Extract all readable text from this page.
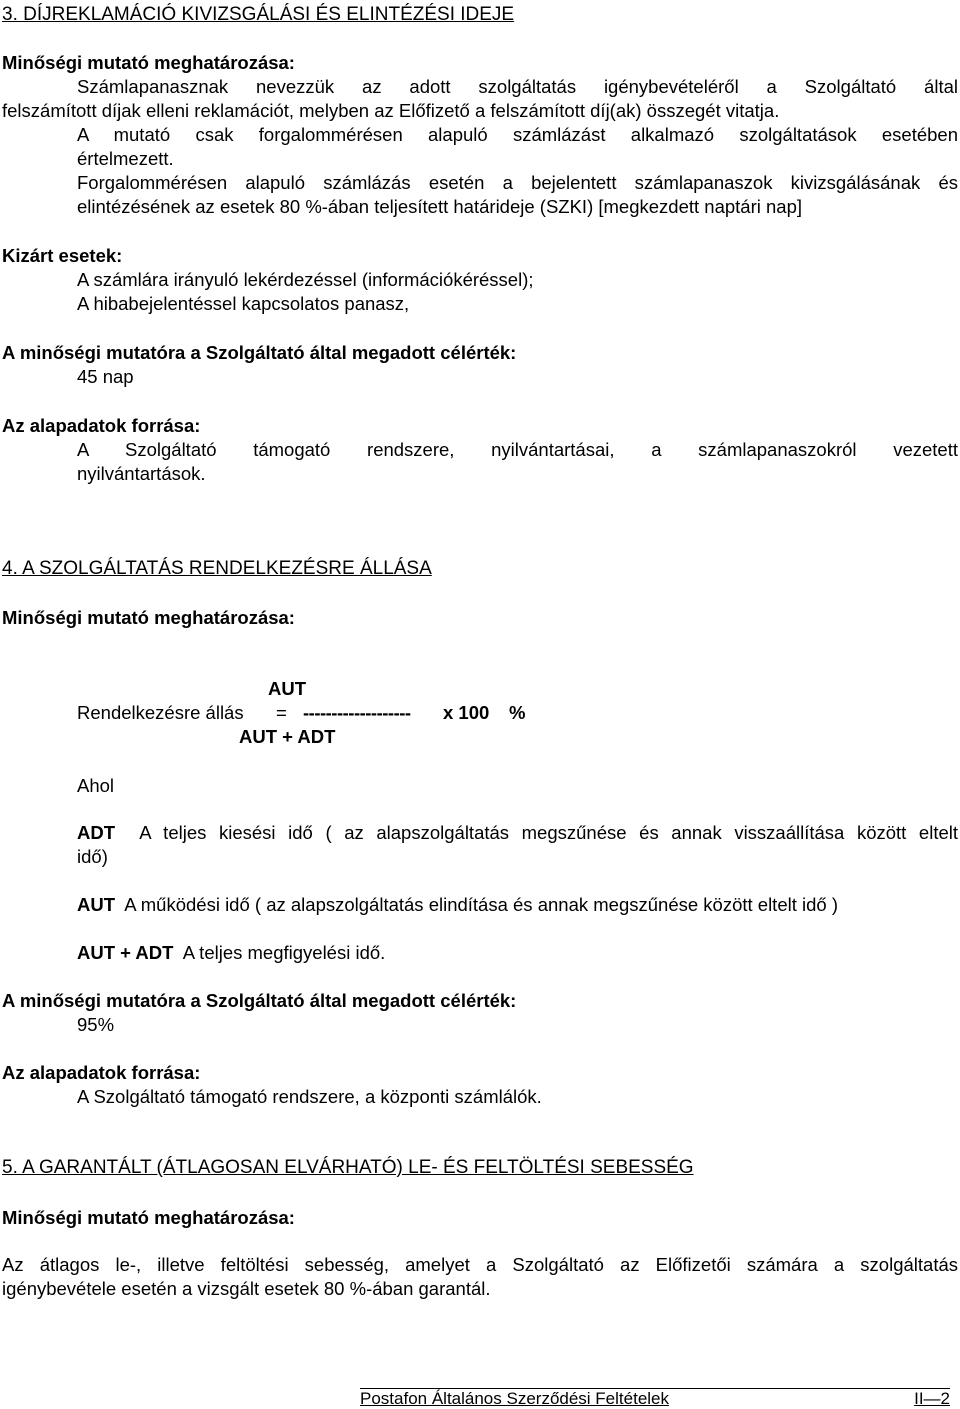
3. DÍJREKLAMÁCIÓ KIVIZSGÁLÁSI ÉS ELINTÉZÉSI IDEJE
Minőségi mutató meghatározása:
Számlapanasznak nevezzük az adott szolgáltatás igénybevételéről a Szolgáltató által
felszámított díjak elleni reklamációt, melyben az Előfizető a felszámított díj(ak) összegét vitatja.
A mutató csak forgalommérésen alapuló számlázást alkalmazó szolgáltatások esetében
értelmezett.
Forgalommérésen alapuló számlázás esetén a bejelentett számlapanaszok kivizsgálásának és
elintézésének az esetek 80 %-ában teljesített határideje (SZKI) [megkezdett naptári nap]
Kizárt esetek:
A számlára irányuló lekérdezéssel (információkéréssel);
A hibabejelentéssel kapcsolatos panasz,
A minőségi mutatóra a Szolgáltató által megadott célérték:
45 nap
Az alapadatok forrása:
A Szolgáltató támogató rendszere, nyilvántartásai, a számlapanaszokról vezetett
nyilvántartások.
4. A SZOLGÁLTATÁS RENDELKEZÉSRE ÁLLÁSA
Minőségi mutató meghatározása:
AUT
Rendelkezésre állás = ------------------- x 100 %
AUT + ADT
Ahol
ADT A teljes kiesési idő ( az alapszolgáltatás megszűnése és annak visszaállítása között eltelt
idő)
AUT A működési idő ( az alapszolgáltatás elindítása és annak megszűnése között eltelt idő )
AUT + ADT A teljes megfigyelési idő.
A minőségi mutatóra a Szolgáltató által megadott célérték:
95%
Az alapadatok forrása:
A Szolgáltató támogató rendszere, a központi számlálók.
5. A GARANTÁLT (ÁTLAGOSAN ELVÁRHATÓ) LE- ÉS FELTÖLTÉSI SEBESSÉG
Minőségi mutató meghatározása:
Az átlagos le-, illetve feltöltési sebesség, amelyet a Szolgáltató az Előfizetői számára a szolgáltatás
igénybevétele esetén a vizsgált esetek 80 %-ában garantál.
Postafon Általános Szerződési Feltételek	II—2
